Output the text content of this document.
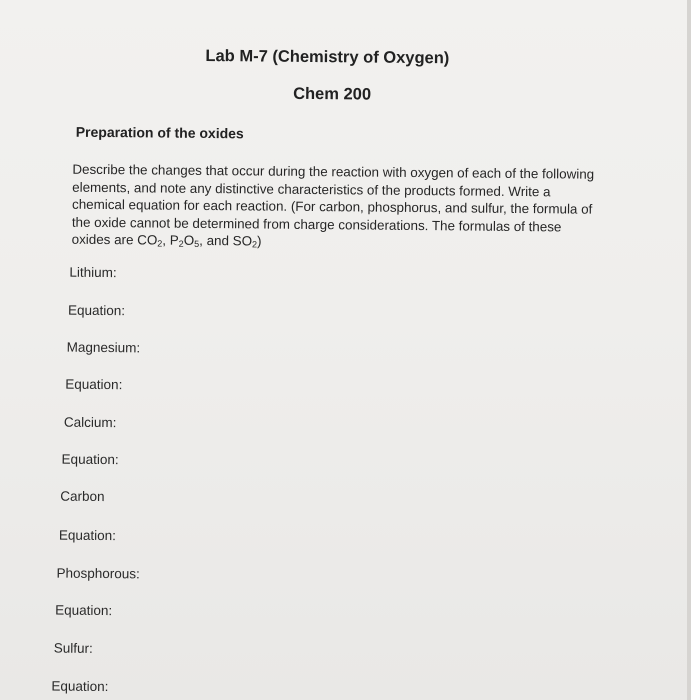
Lab M-7 (Chemistry of Oxygen)
Chem 200
Preparation of the oxides
Describe the changes that occur during the reaction with oxygen of each of the following elements, and note any distinctive characteristics of the products formed. Write a chemical equation for each reaction. (For carbon, phosphorus, and sulfur, the formula of the oxide cannot be determined from charge considerations. The formulas of these oxides are $CO_2$, $P_2O_5$, and $SO_2$)
Lithium:
Equation:
Magnesium:
Equation:
Calcium:
Equation:
Carbon
Equation:
Phosphorous:
Equation:
Sulfur:
Equation:
